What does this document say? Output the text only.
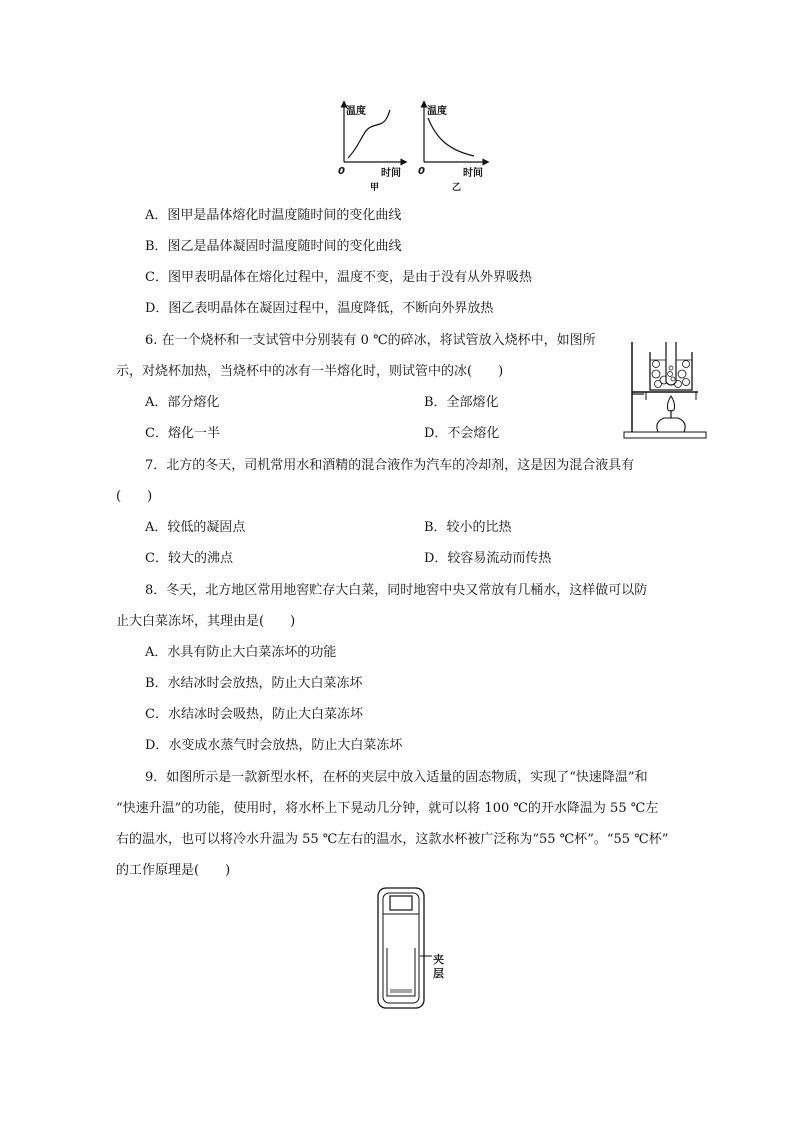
温度	温度
0	0
时间	时间
甲	乙
A．图甲是晶体熔化时温度随时间的变化曲线
B．图乙是晶体凝固时温度随时间的变化曲线
C．图甲表明晶体在熔化过程中，温度不变，是由于没有从外界吸热
D．图乙表明晶体在凝固过程中，温度降低，不断向外界放热
6. 在一个烧杯和一支试管中分别装有 0 ℃的碎冰，将试管放入烧杯中，如图所
示，对烧杯加热，当烧杯中的冰有一半熔化时，则试管中的冰(　　)
A．部分熔化	B．全部熔化
C．熔化一半	D．不会熔化
7．北方的冬天，司机常用水和酒精的混合液作为汽车的冷却剂，这是因为混合液具有
(　　)
A．较低的凝固点	B．较小的比热
C．较大的沸点	D．较容易流动而传热
8．冬天，北方地区常用地窖贮存大白菜，同时地窖中央又常放有几桶水，这样做可以防
止大白菜冻坏，其理由是(　　)
A．水具有防止大白菜冻坏的功能
B．水结冰时会放热，防止大白菜冻坏
C．水结冰时会吸热，防止大白菜冻坏
D．水变成水蒸气时会放热，防止大白菜冻坏
9．如图所示是一款新型水杯，在杯的夹层中放入适量的固态物质，实现了“快速降温”和
“快速升温”的功能，使用时，将水杯上下晃动几分钟，就可以将 100 ℃的开水降温为 55 ℃左
右的温水，也可以将冷水升温为 55 ℃左右的温水，这款水杯被广泛称为“55 ℃杯”。“55 ℃杯”
的工作原理是(　　)
夹
层
